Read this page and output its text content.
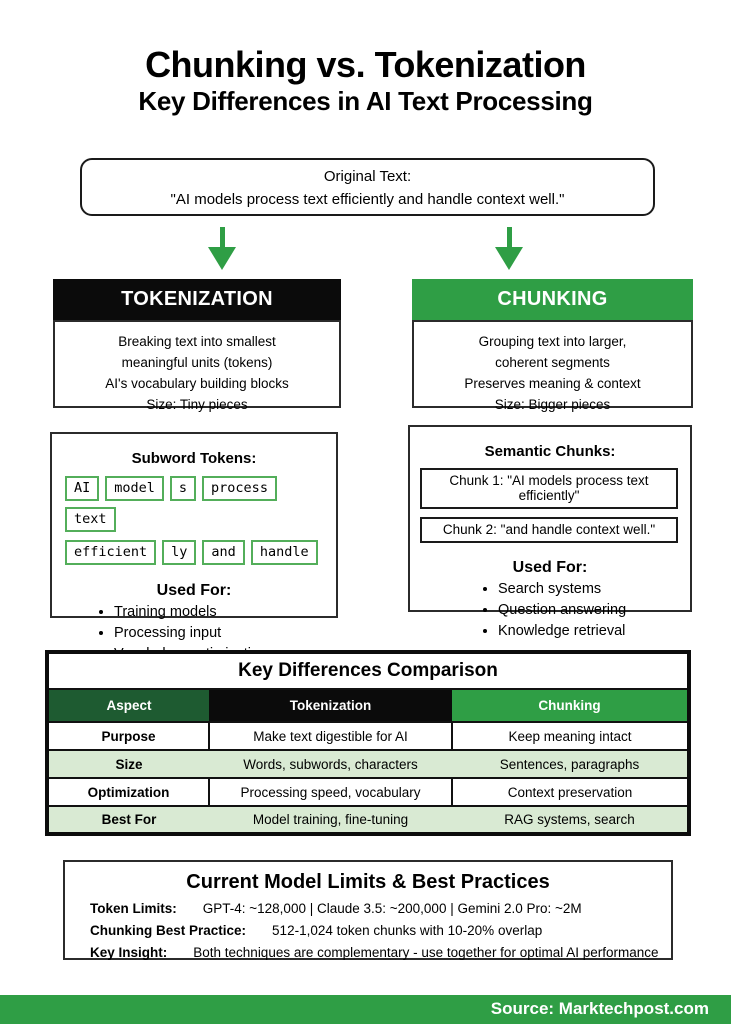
Chunking vs. Tokenization
Key Differences in AI Text Processing
Original Text:
"AI models process text efficiently and handle context well."
TOKENIZATION	CHUNKING
Breaking text into smallest
meaningful units (tokens)
AI's vocabulary building blocks
Size: Tiny pieces
Grouping text into larger,
coherent segments
Preserves meaning & context
Size: Bigger pieces
Subword Tokens:
AI model s processtext
efficient ly and handle
Used For:
• Training models
• Processing input
•
Semantic Chunks:
Chunk 1: "AI models process text efficiently"
Chunk 2: "and handle context well."
Used For:
• Search systems
• Question answering
• Knowledge retrieval
Key Differences Comparison		
Aspect	Tokenization	Chunking
Purpose	Make text digestible for AI	Keep meaning intact
Size	Words, subwords, characters	Sentences, paragraphs
Optimization	Processing speed, vocabulary	Context preservation
Best For	Model training, fine-tuning	RAG systems, search
Current Model Limits & Best Practices
Token Limits: GPT-4: ~128,000 | Claude 3.5: ~200,000 | Gemini 2.0 Pro: ~2M
Chunking Best Practice: 512-1,024 token chunks with 10-20% overlap
Key Insight: Both techniques are complementary - use together for optimal AI performance
Source: Marktechpost.com
